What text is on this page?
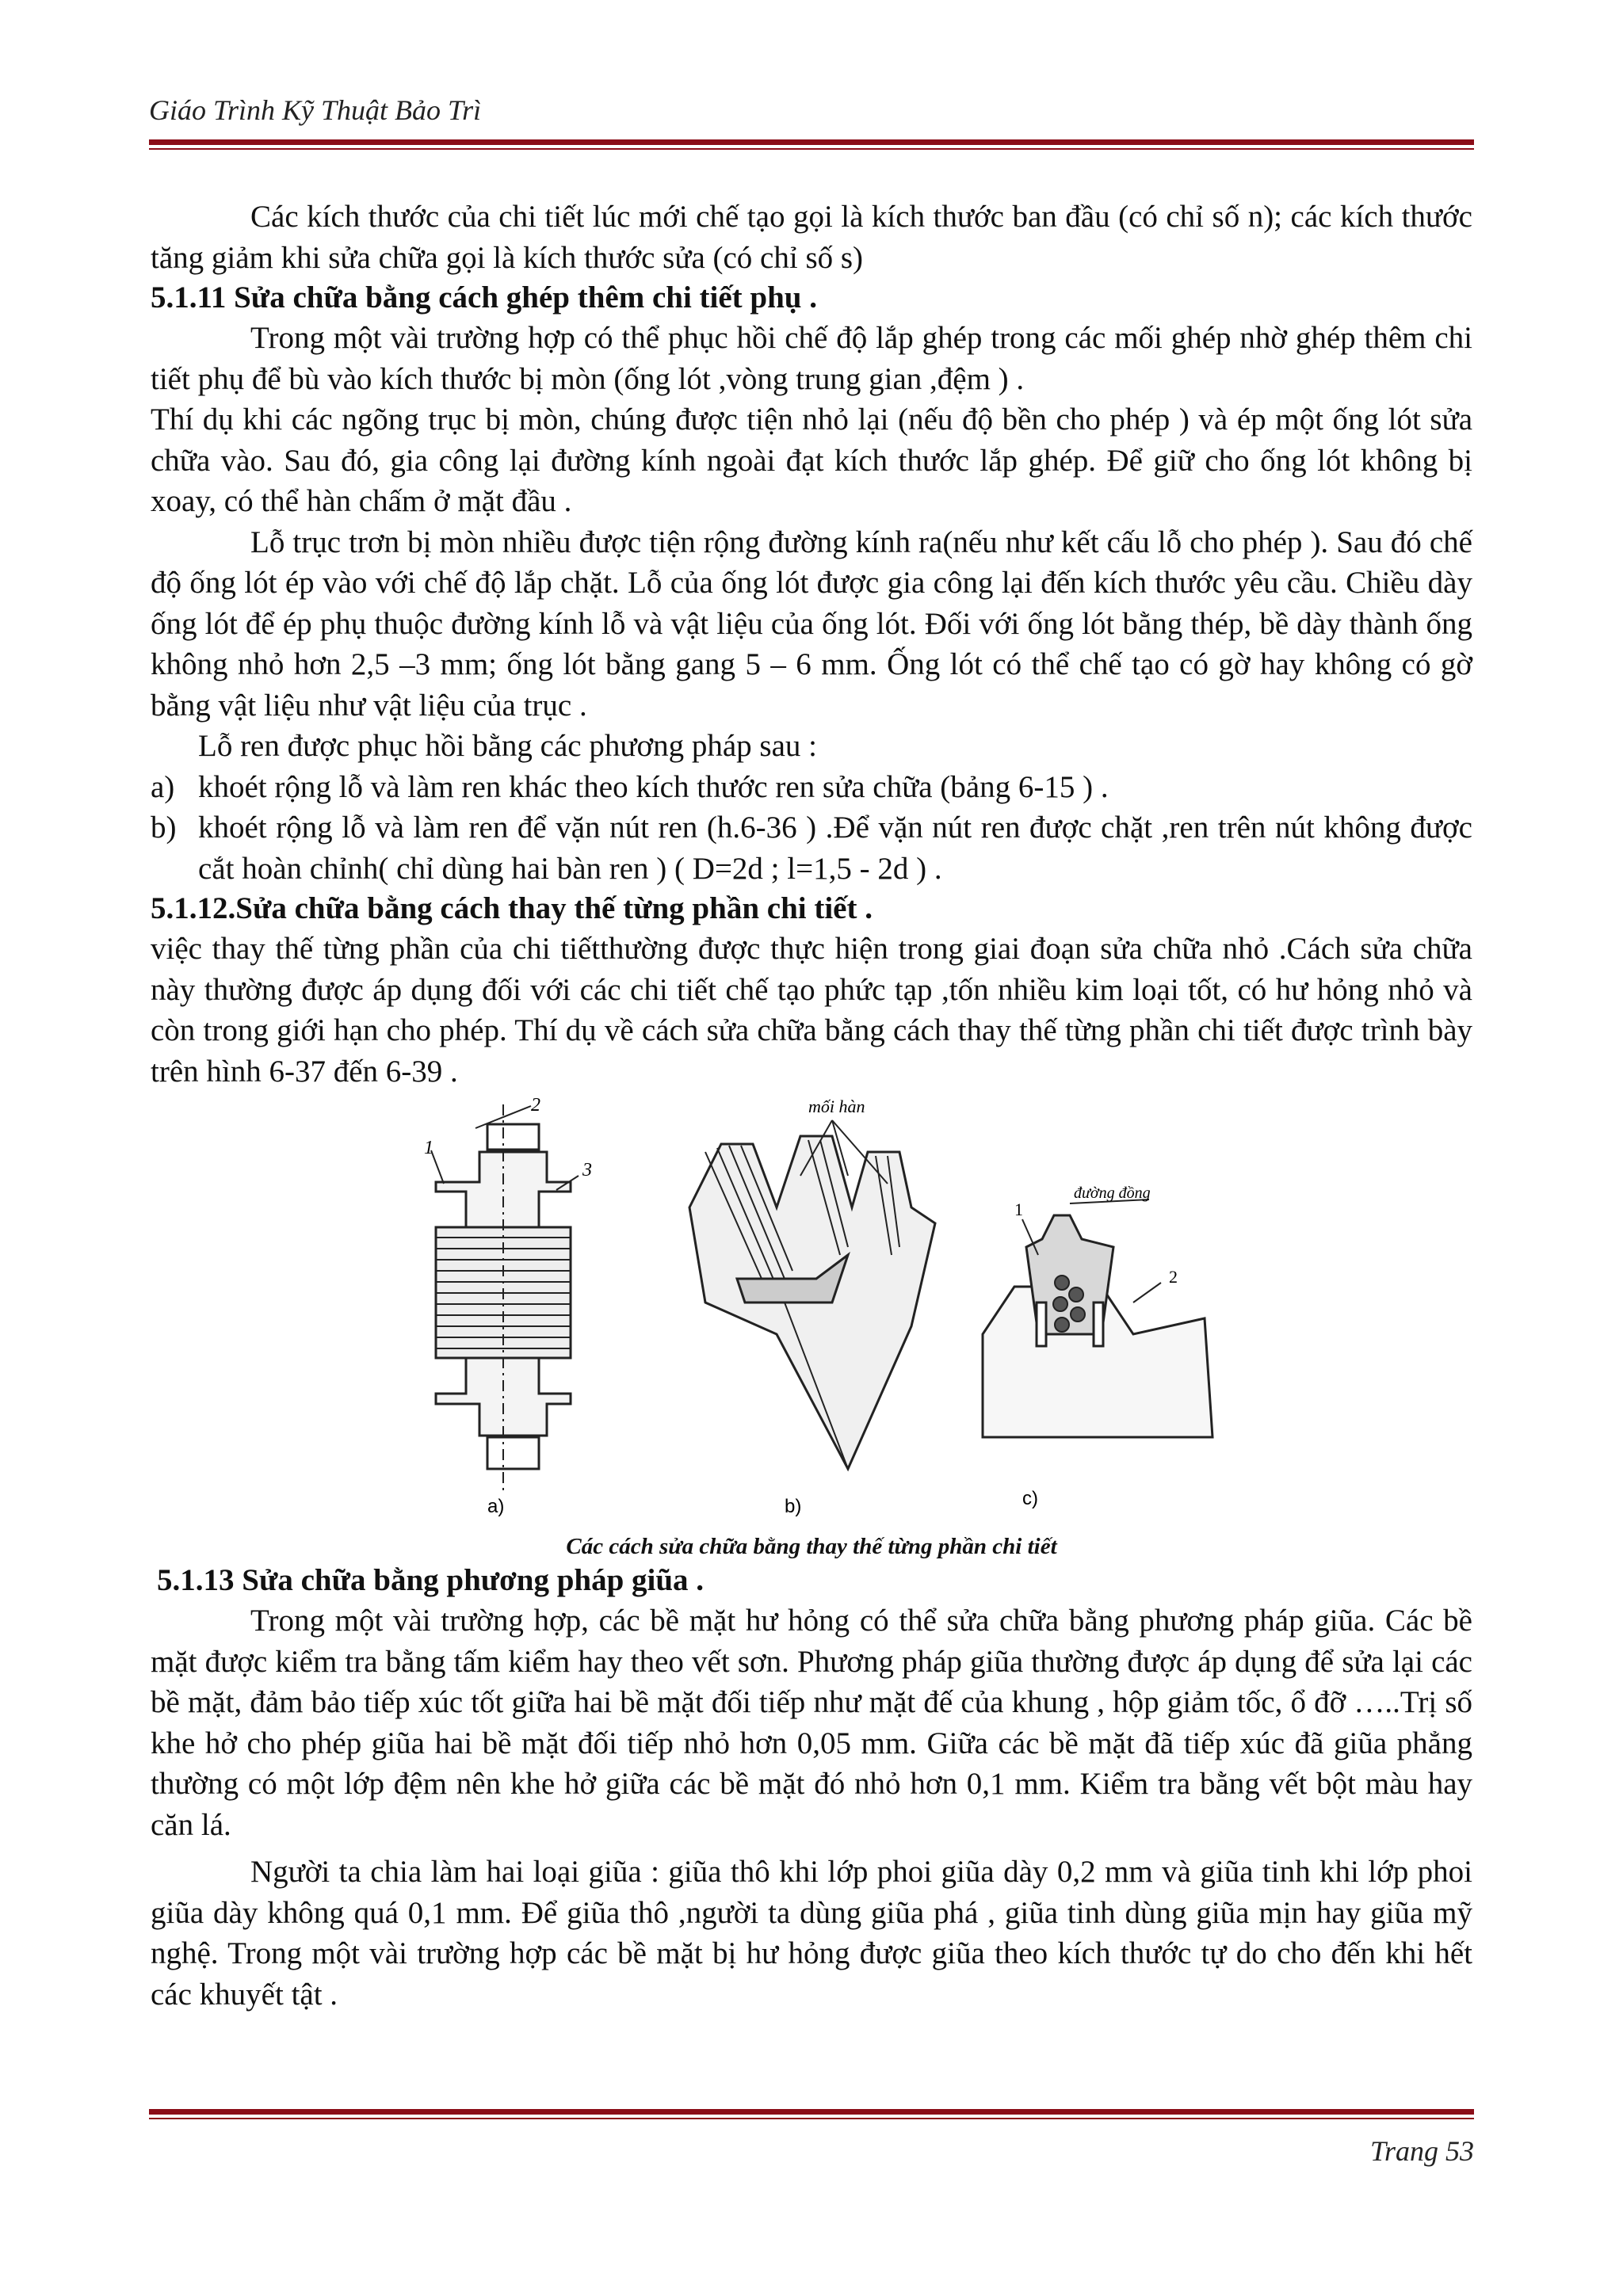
Giáo Trình Kỹ Thuật Bảo Trì

Các kích thước của chi tiết lúc mới chế tạo gọi là kích thước ban đầu (có chỉ số n); các kích thước tăng giảm khi sửa chữa gọi là kích thước sửa (có chỉ số s)

5.1.11 Sửa chữa bằng cách ghép thêm chi tiết phụ .

Trong một vài trường hợp có thể phục hồi chế độ lắp ghép trong các mối ghép nhờ ghép thêm chi tiết phụ để bù vào kích thước bị mòn (ống lót ,vòng trung gian ,đệm ) .

Thí dụ khi các ngõng trục bị mòn, chúng được tiện nhỏ lại (nếu độ bền cho phép ) và ép một ống lót sửa chữa vào. Sau đó, gia công lại đường kính ngoài đạt kích thước lắp ghép. Để giữ cho ống lót không bị xoay, có thể hàn chấm ở mặt đầu .

Lỗ trục trơn bị mòn nhiều được tiện rộng đường kính ra(nếu như kết cấu lỗ cho phép ). Sau đó chế độ ống lót ép vào với chế độ lắp chặt. Lỗ của ống lót được gia công lại đến kích thước yêu cầu. Chiều dày ống lót để ép phụ thuộc đường kính lỗ và vật liệu của ống lót. Đối với ống lót bằng thép, bề dày thành ống không nhỏ hơn 2,5 –3 mm; ống lót bằng gang 5 – 6 mm. Ống lót có thể chế tạo có gờ hay không có gờ bằng vật liệu như vật liệu của trục .

Lỗ ren được phục hồi bằng các phương pháp sau :

a) khoét rộng lỗ và làm ren khác theo kích thước ren sửa chữa (bảng 6-15 ) .
b) khoét rộng lỗ và làm ren để vặn nút ren (h.6-36 ) .Để vặn nút ren được chặt ,ren trên nút không được cắt hoàn chỉnh( chỉ dùng hai bàn ren ) ( D=2d ; l=1,5 - 2d ) .
5.1.12.Sửa chữa bằng cách thay thế từng phần chi tiết .

việc thay thế từng phần của chi tiếtthường được thực hiện trong giai đoạn sửa chữa nhỏ .Cách sửa chữa này thường được áp dụng đối với các chi tiết chế tạo phức tạp ,tốn nhiều kim loại tốt, có hư hỏng nhỏ và còn trong giới hạn cho phép. Thí dụ về cách sửa chữa bằng cách thay thế từng phần chi tiết được trình bày trên hình 6-37 đến 6-39 .

2
1
3
a)
mối hàn
b)
đường đồng
1
2
c)
Các cách sửa chữa bằng thay thế từng phần chi tiết
5.1.13 Sửa chữa bằng phương pháp giũa .

Trong một vài trường hợp, các bề mặt hư hỏng có thể sửa chữa bằng phương pháp giũa. Các bề mặt được kiểm tra bằng tấm kiểm hay theo vết sơn. Phương pháp giũa thường được áp dụng để sửa lại các bề mặt, đảm bảo tiếp xúc tốt giữa hai bề mặt đối tiếp như mặt đế của khung , hộp giảm tốc, ổ đỡ …..Trị số khe hở cho phép giũa hai bề mặt đối tiếp nhỏ hơn 0,05 mm. Giữa các bề mặt đã tiếp xúc đã giũa phẳng thường có một lớp đệm nên khe hở giữa các bề mặt đó nhỏ hơn 0,1 mm. Kiểm tra bằng vết bột màu hay căn lá.

Người ta chia làm hai loại giũa : giũa thô khi lớp phoi giũa dày 0,2 mm và giũa tinh khi lớp phoi giũa dày không quá 0,1 mm. Để giũa thô ,người ta dùng giũa phá , giũa tinh dùng giũa mịn hay giũa mỹ nghệ. Trong một vài trường hợp các bề mặt bị hư hỏng được giũa theo kích thước tự do cho đến khi hết các khuyết tật .

Trang 53
